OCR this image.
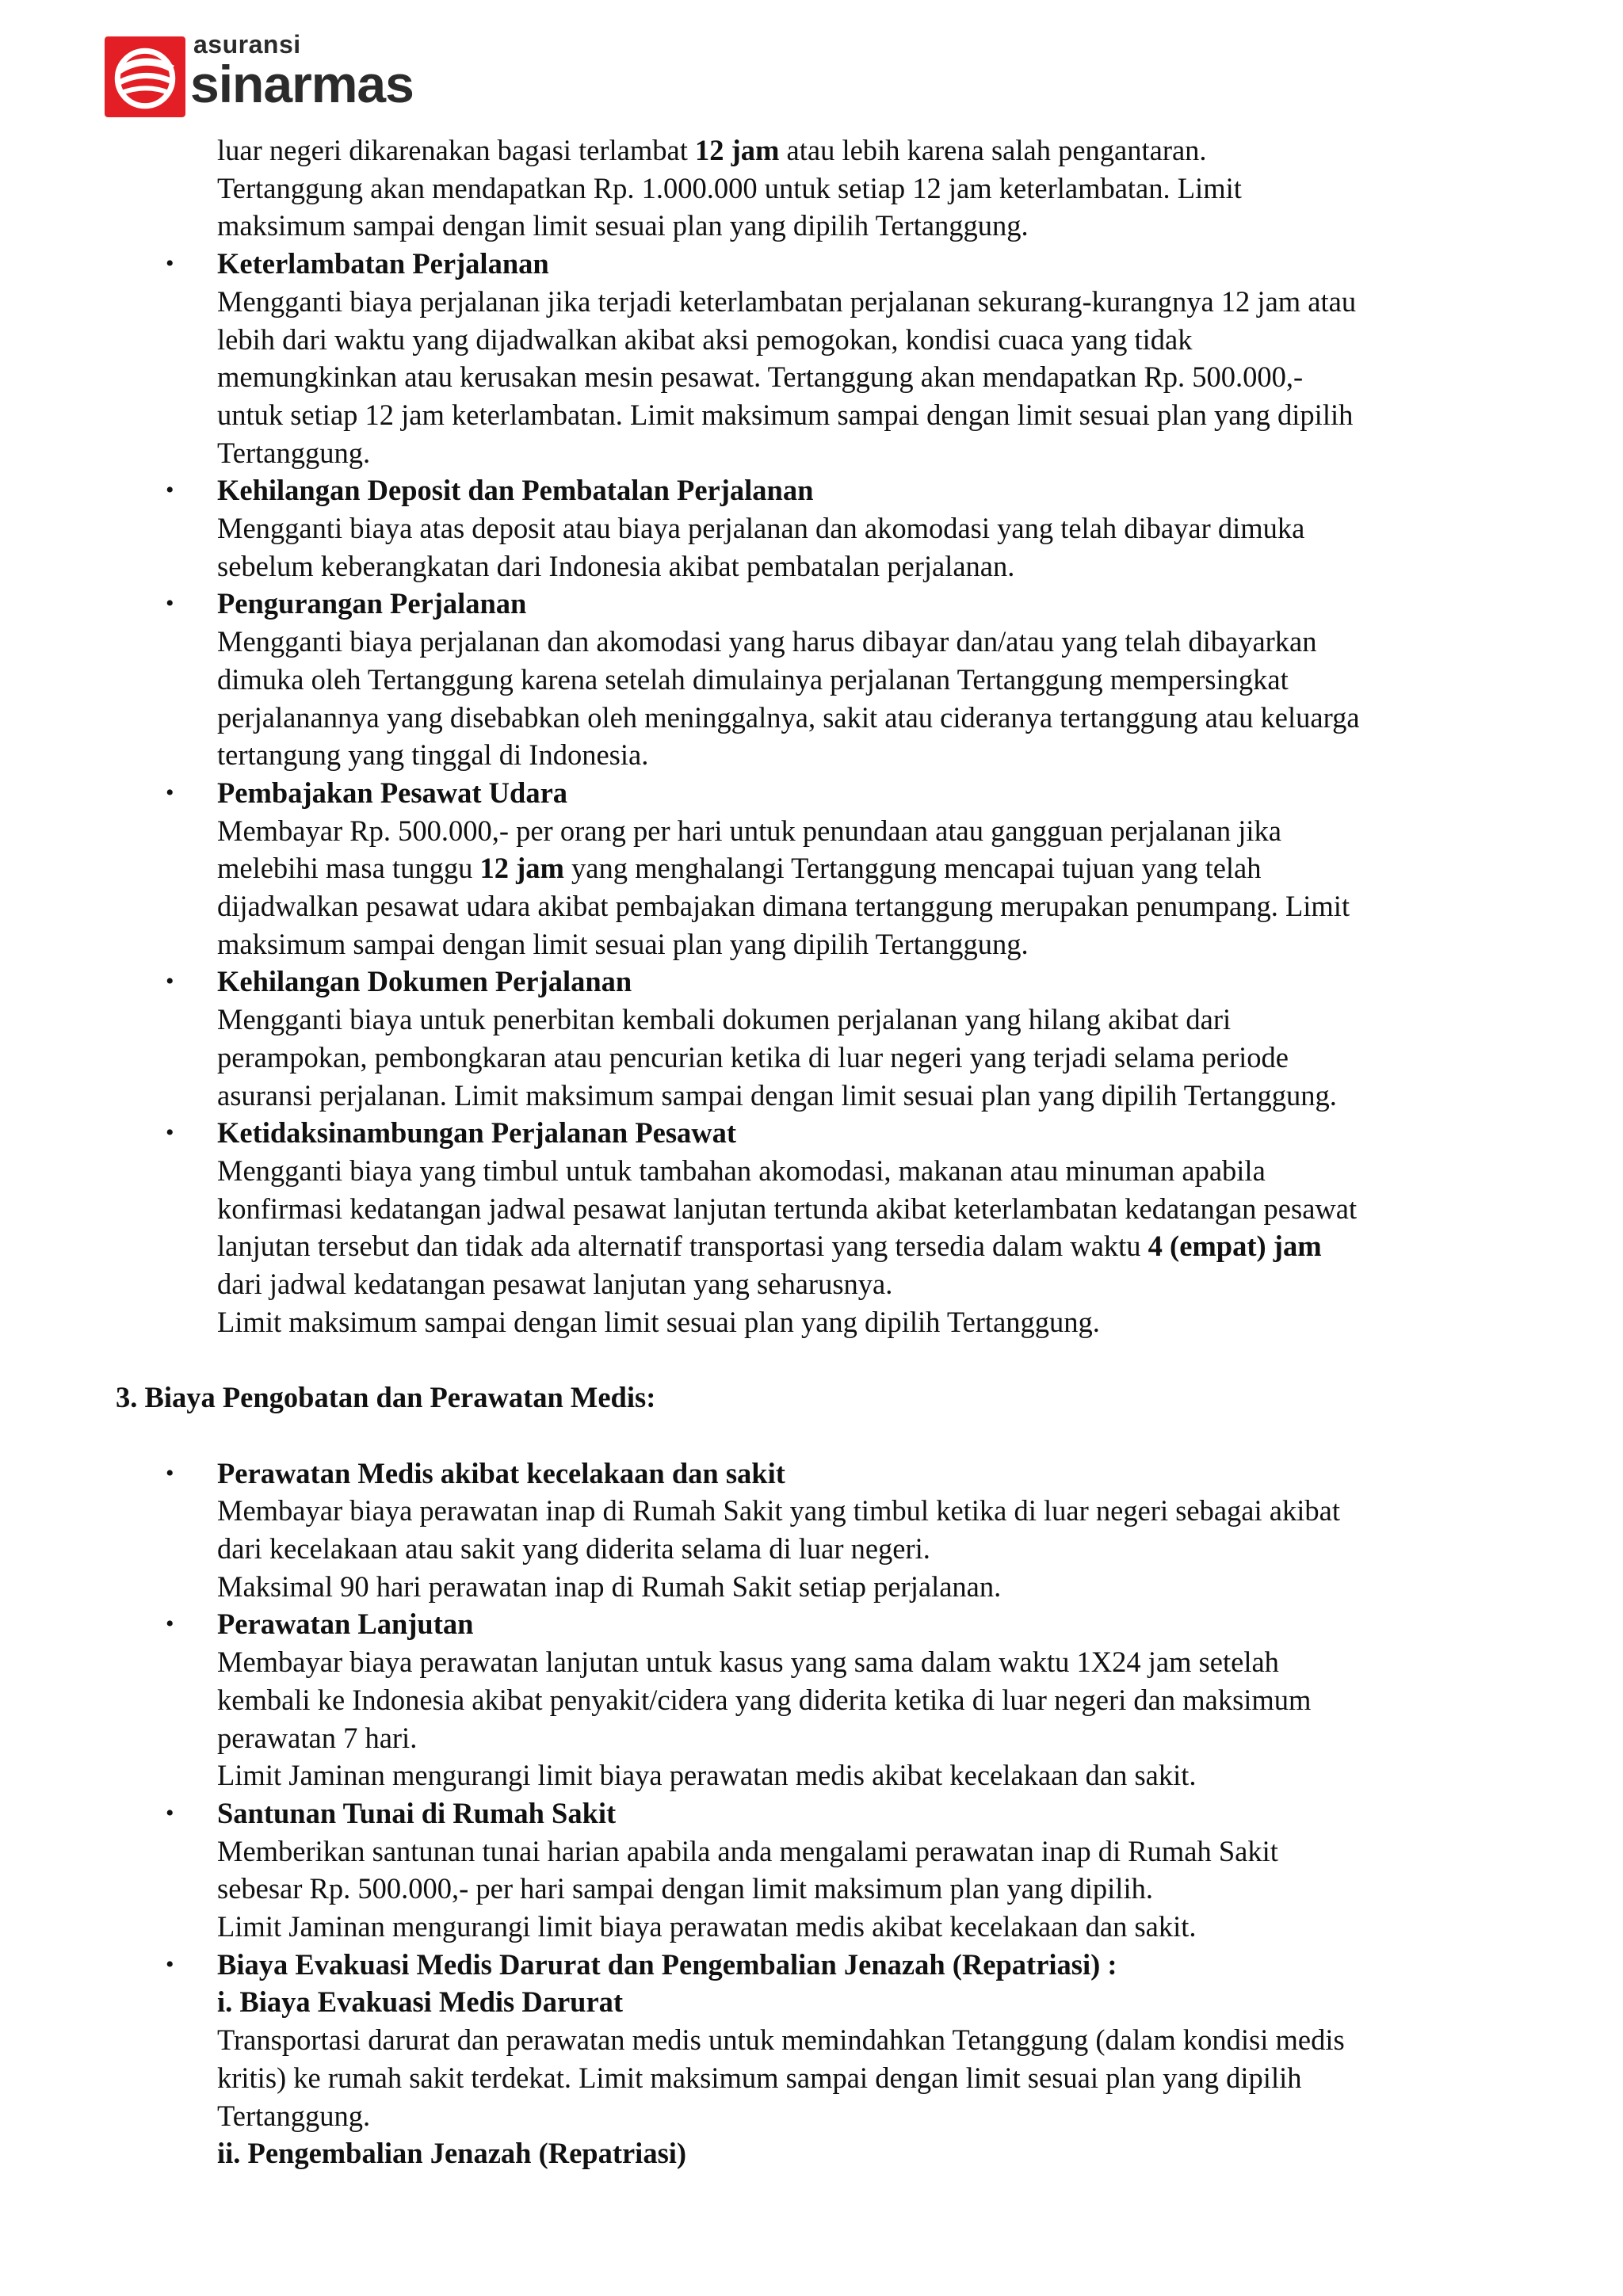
asuransi
sinarmas
luar negeri dikarenakan bagasi terlambat 12 jam atau lebih karena salah pengantaran.
Tertanggung akan mendapatkan Rp. 1.000.000 untuk setiap 12 jam keterlambatan. Limit
maksimum sampai dengan limit sesuai plan yang dipilih Tertanggung.
• Keterlambatan Perjalanan
Mengganti biaya perjalanan jika terjadi keterlambatan perjalanan sekurang-kurangnya 12 jam atau
lebih dari waktu yang dijadwalkan akibat aksi pemogokan, kondisi cuaca yang tidak
memungkinkan atau kerusakan mesin pesawat. Tertanggung akan mendapatkan Rp. 500.000,-
untuk setiap 12 jam keterlambatan. Limit maksimum sampai dengan limit sesuai plan yang dipilih
Tertanggung.
• Kehilangan Deposit dan Pembatalan Perjalanan
Mengganti biaya atas deposit atau biaya perjalanan dan akomodasi yang telah dibayar dimuka
sebelum keberangkatan dari Indonesia akibat pembatalan perjalanan.
• Pengurangan Perjalanan
Mengganti biaya perjalanan dan akomodasi yang harus dibayar dan/atau yang telah dibayarkan
dimuka oleh Tertanggung karena setelah dimulainya perjalanan Tertanggung mempersingkat
perjalanannya yang disebabkan oleh meninggalnya, sakit atau cideranya tertanggung atau keluarga
tertangung yang tinggal di Indonesia.
• Pembajakan Pesawat Udara
Membayar Rp. 500.000,- per orang per hari untuk penundaan atau gangguan perjalanan jika
melebihi masa tunggu 12 jam yang menghalangi Tertanggung mencapai tujuan yang telah
dijadwalkan pesawat udara akibat pembajakan dimana tertanggung merupakan penumpang. Limit
maksimum sampai dengan limit sesuai plan yang dipilih Tertanggung.
• Kehilangan Dokumen Perjalanan
Mengganti biaya untuk penerbitan kembali dokumen perjalanan yang hilang akibat dari
perampokan, pembongkaran atau pencurian ketika di luar negeri yang terjadi selama periode
asuransi perjalanan. Limit maksimum sampai dengan limit sesuai plan yang dipilih Tertanggung.
• Ketidaksinambungan Perjalanan Pesawat
Mengganti biaya yang timbul untuk tambahan akomodasi, makanan atau minuman apabila
konfirmasi kedatangan jadwal pesawat lanjutan tertunda akibat keterlambatan kedatangan pesawat
lanjutan tersebut dan tidak ada alternatif transportasi yang tersedia dalam waktu 4 (empat) jam
dari jadwal kedatangan pesawat lanjutan yang seharusnya.
Limit maksimum sampai dengan limit sesuai plan yang dipilih Tertanggung.
3. Biaya Pengobatan dan Perawatan Medis:
• Perawatan Medis akibat kecelakaan dan sakit
Membayar biaya perawatan inap di Rumah Sakit yang timbul ketika di luar negeri sebagai akibat
dari kecelakaan atau sakit yang diderita selama di luar negeri.
Maksimal 90 hari perawatan inap di Rumah Sakit setiap perjalanan.
• Perawatan Lanjutan
Membayar biaya perawatan lanjutan untuk kasus yang sama dalam waktu 1X24 jam setelah
kembali ke Indonesia akibat penyakit/cidera yang diderita ketika di luar negeri dan maksimum
perawatan 7 hari.
Limit Jaminan mengurangi limit biaya perawatan medis akibat kecelakaan dan sakit.
• Santunan Tunai di Rumah Sakit
Memberikan santunan tunai harian apabila anda mengalami perawatan inap di Rumah Sakit
sebesar Rp. 500.000,- per hari sampai dengan limit maksimum plan yang dipilih.
Limit Jaminan mengurangi limit biaya perawatan medis akibat kecelakaan dan sakit.
• Biaya Evakuasi Medis Darurat dan Pengembalian Jenazah (Repatriasi) :
i. Biaya Evakuasi Medis Darurat
Transportasi darurat dan perawatan medis untuk memindahkan Tetanggung (dalam kondisi medis
kritis) ke rumah sakit terdekat. Limit maksimum sampai dengan limit sesuai plan yang dipilih
Tertanggung.
ii. Pengembalian Jenazah (Repatriasi)
